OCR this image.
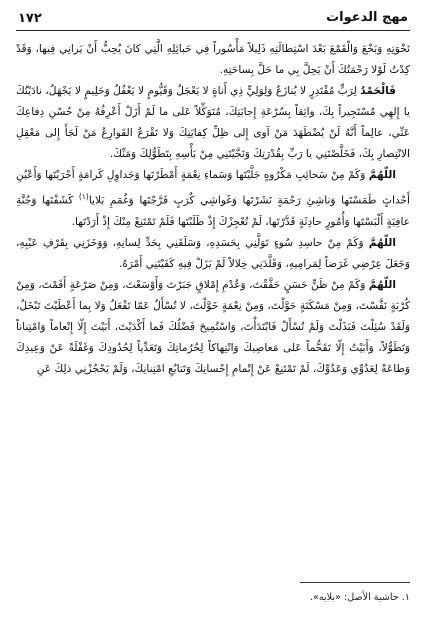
١٧٢	مهج الدعوات

نَخْوَتِهِ وَبَخْعَ وَالْقَمْعَ بَعْدَ اسْتِطالَتِهِ ذَلِيلاً مَأْسُوراً فِي حَبائِلِهِ الَّتِي كانَ يُحِبُّ أَنْ يَرانِي فِيها، وَقَدْ كِدْتُ لَوْلا رَحْمَتُكَ أَنْ يَحِلَّ بِي ما حَلَّ بِساحَتِهِ.

فَالْحَمْدُ لِرَبٍّ مُقْتَدِرٍ لا يُنازَعُ وَلِوَلِيٍّ ذِي أَناةٍ لا يَعْجَلُ وَقَيُّومٍ لا يَغْفُلُ وَحَلِيمٍ لا يَجْهَلُ، نادَيْتُكَ يا إِلهِي مُسْتَجِيراً بِكَ، واثِقاً بِسُرْعَةِ إِجابَتِكَ، مُتَوَكِّلاً عَلى ما لَمْ أَزَلْ أَعْرِفُهُ مِنْ حُسْنِ دِفاعِكَ عَنِّي، عالِماً أَنَّهُ لَنْ يُضْطَهَدَ مَنْ آوى إِلى ظِلِّ كِفايَتِكَ وَلا تَقْرَعُ القَوارِعُ مَنْ لَجَأَ إِلى مَعْقِلِ الانْتِصارِ بِكَ، فَخَلَّصْتَنِي يا رَبِّ بِقُدْرَتِكَ وَنَجَّيْتَنِي مِنْ بَأْسِهِ بِتَطَوُّلِكَ وَمَنِّكَ.

اللّهُمَّ وَكَمْ مِنْ سَحائِبِ مَكْرُوهٍ جَلَّيْتَها وَسَماءِ نِعْمَةٍ أَمْطَرْتَها وَجَداوِلِ كَرامَةٍ أَجْرَيْتَها وَأَعْيُنِ أَحْداثٍ طَمَسْتَها وَناشِئِ رَحْمَةٍ نَشَرْتَها وَغَواشِي كُرَبٍ فَرَّجْتَها وَغُمَمِ بَلايا$^{(١)}$ كَشَفْتَها وَجُنَّةِ عافِيَةٍ أَلْبَسْتَها وَأُمُورٍ حادِثَةٍ قَدَّرْتَها، لَمْ تُعْجِزْكَ إِذْ طَلَبْتَها فَلَمْ تَمْتَنِعْ مِنْكَ إِذْ أَرَدْتَها.

اللّهُمَّ وَكَمْ مِنْ حاسِدِ سُوءٍ تَوَلَّنِي بِحَسَدِهِ، وَسَلَقَنِي بِحَدِّ لِسانِهِ، وَوَخَزَنِي بِقَرْفِ عَيْبِهِ، وَجَعَلَ عِرْضِي غَرَضاً لِمَرامِيهِ، وَقَلَّدَنِي خِلالاً لَمْ يَزَلْ فِيهِ كَفَيْتَنِي أَمْرَهُ.

اللّهُمَّ وَكَمْ مِنْ ظَنٍّ حَسَنٍ حَقَّقْتَ، وَعُدْمِ إِمْلاقٍ جَبَرْتَ وَأَوْسَعْتَ، وَمِنْ صَرْعَةٍ أَقَمْتَ، وَمِنْ كُرْبَةٍ نَفَّسْتَ، وَمِنْ مَسْكَنَةٍ حَوَّلْتَ، وَمِنْ نِعْمَةٍ خَوَّلْتَ، لا تُسْأَلُ عَمّا تَفْعَلُ وَلا بِما أَعْطَيْتَ تَبْخَلُ، وَلَقَدْ سُئِلْتَ فَبَذَلْتَ وَلَمْ تُسْأَلْ فَابْتَدَأْتَ، وَاسْتُمِيحَ فَضْلُكَ فَما أَكْدَيْتَ، أَبَيْتَ إِلّا إِنْعاماً وَامْتِناناً وَتَطَوُّلاً، وَأَبَيْتُ إِلّا تَقَحُّماً عَلى مَعاصِيكَ وَانْتِهاكاً لِحُرُماتِكَ وَتَعَدِّياً لِحُدُودِكَ وَغَفْلَةً عَنْ وَعِيدِكَ وَطاعَةً لِعَدُوِّي وَعَدُوِّكَ، لَمْ تَمْتَنِعْ عَنْ إِتْمامِ إِحْسانِكَ وَتَتابُعِ امْتِنانِكَ، وَلَمْ يَحْجُزْنِي ذلِكَ عَنِ

١. حاشية الأصل: «بلايه».
